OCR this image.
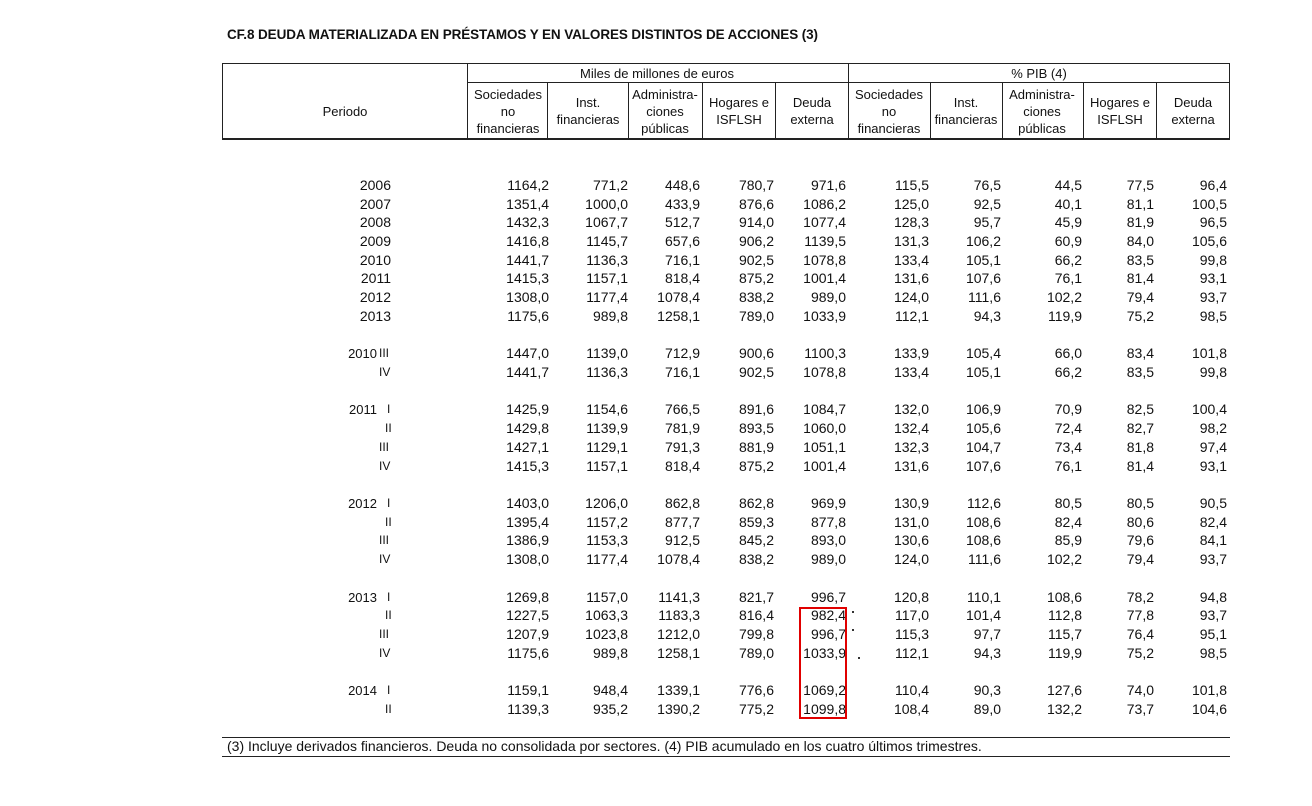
CF.8 DEUDA MATERIALIZADA EN PRÉSTAMOS Y EN VALORES DISTINTOS DE ACCIONES (3)
Periodo
Miles de millones de euros	% PIB (4)
Sociedades
no
financieras
Inst.
financieras
Administra-
ciones
públicas
Hogares e
ISFLSH
Deuda
externa
Sociedades
no
financieras
Inst.
financieras
Administra-
ciones
públicas
Hogares e
ISFLSH
Deuda
externa
2006	1164,2	771,2	448,6	780,7	971,6	115,5	76,5	44,5	77,5	96,4
2007	1351,4	1000,0	433,9	876,6 1086,2	125,0	92,5	40,1	81,1	100,5
2008	1432,3	1067,7	512,7	914,0 1077,4	128,3	95,7	45,9	81,9	96,5
2009	1416,8	1145,7	657,6	906,2 1139,5	131,3	106,2	60,9	84,0	105,6
2010	1441,7	1136,3	716,1	902,5 1078,8	133,4	105,1	66,2	83,5	99,8
2011	1415,3	1157,1	818,4	875,2 1001,4	131,6	107,6	76,1	81,4	93,1
2012	1308,0	1177,4 1078,4	838,2	989,0	124,0	111,6	102,2	79,4	93,7
2013	1175,6	989,8 1258,1	789,0 1033,9	112,1	94,3	119,9	75,2	98,5
2010 III	1447,0	1139,0	712,9	900,6 1100,3	133,9	105,4	66,0	83,4	101,8
IV	1441,7	1136,3	716,1	902,5 1078,8	133,4	105,1	66,2	83,5	99,8
2011 I	1425,9	1154,6	766,5	891,6 1084,7	132,0	106,9	70,9	82,5	100,4
II	1429,8	1139,9	781,9	893,5 1060,0	132,4	105,6	72,4	82,7	98,2
III	1427,1	1129,1	791,3	881,9 1051,1	132,3	104,7	73,4	81,8	97,4
IV	1415,3	1157,1	818,4	875,2 1001,4	131,6	107,6	76,1	81,4	93,1
2012 I	1403,0	1206,0	862,8	862,8	969,9	130,9	112,6	80,5	80,5	90,5
II	1395,4	1157,2	877,7	859,3	877,8	131,0	108,6	82,4	80,6	82,4
III	1386,9	1153,3	912,5	845,2	893,0	130,6	108,6	85,9	79,6	84,1
IV	1308,0	1177,4 1078,4	838,2	989,0	124,0	111,6	102,2	79,4	93,7
2013 I	1269,8	1157,0 1141,3	821,7	996,7	120,8	110,1	108,6	78,2	94,8
II	1227,5	1063,3 1183,3	816,4	982,4	117,0	101,4	112,8	77,8	93,7
III	1207,9	1023,8 1212,0	799,8	996,7	115,3	97,7	115,7	76,4	95,1
IV	1175,6	989,8 1258,1	789,0 1033,9	112,1	94,3	119,9	75,2	98,5
2014 I	1159,1	948,4 1339,1	776,6 1069,2	110,4	90,3	127,6	74,0	101,8
II	1139,3	935,2 1390,2	775,2 1099,8	108,4	89,0	132,2	73,7	104,6
(3) Incluye derivados financieros. Deuda no consolidada por sectores. (4) PIB acumulado en los cuatro últimos trimestres.
